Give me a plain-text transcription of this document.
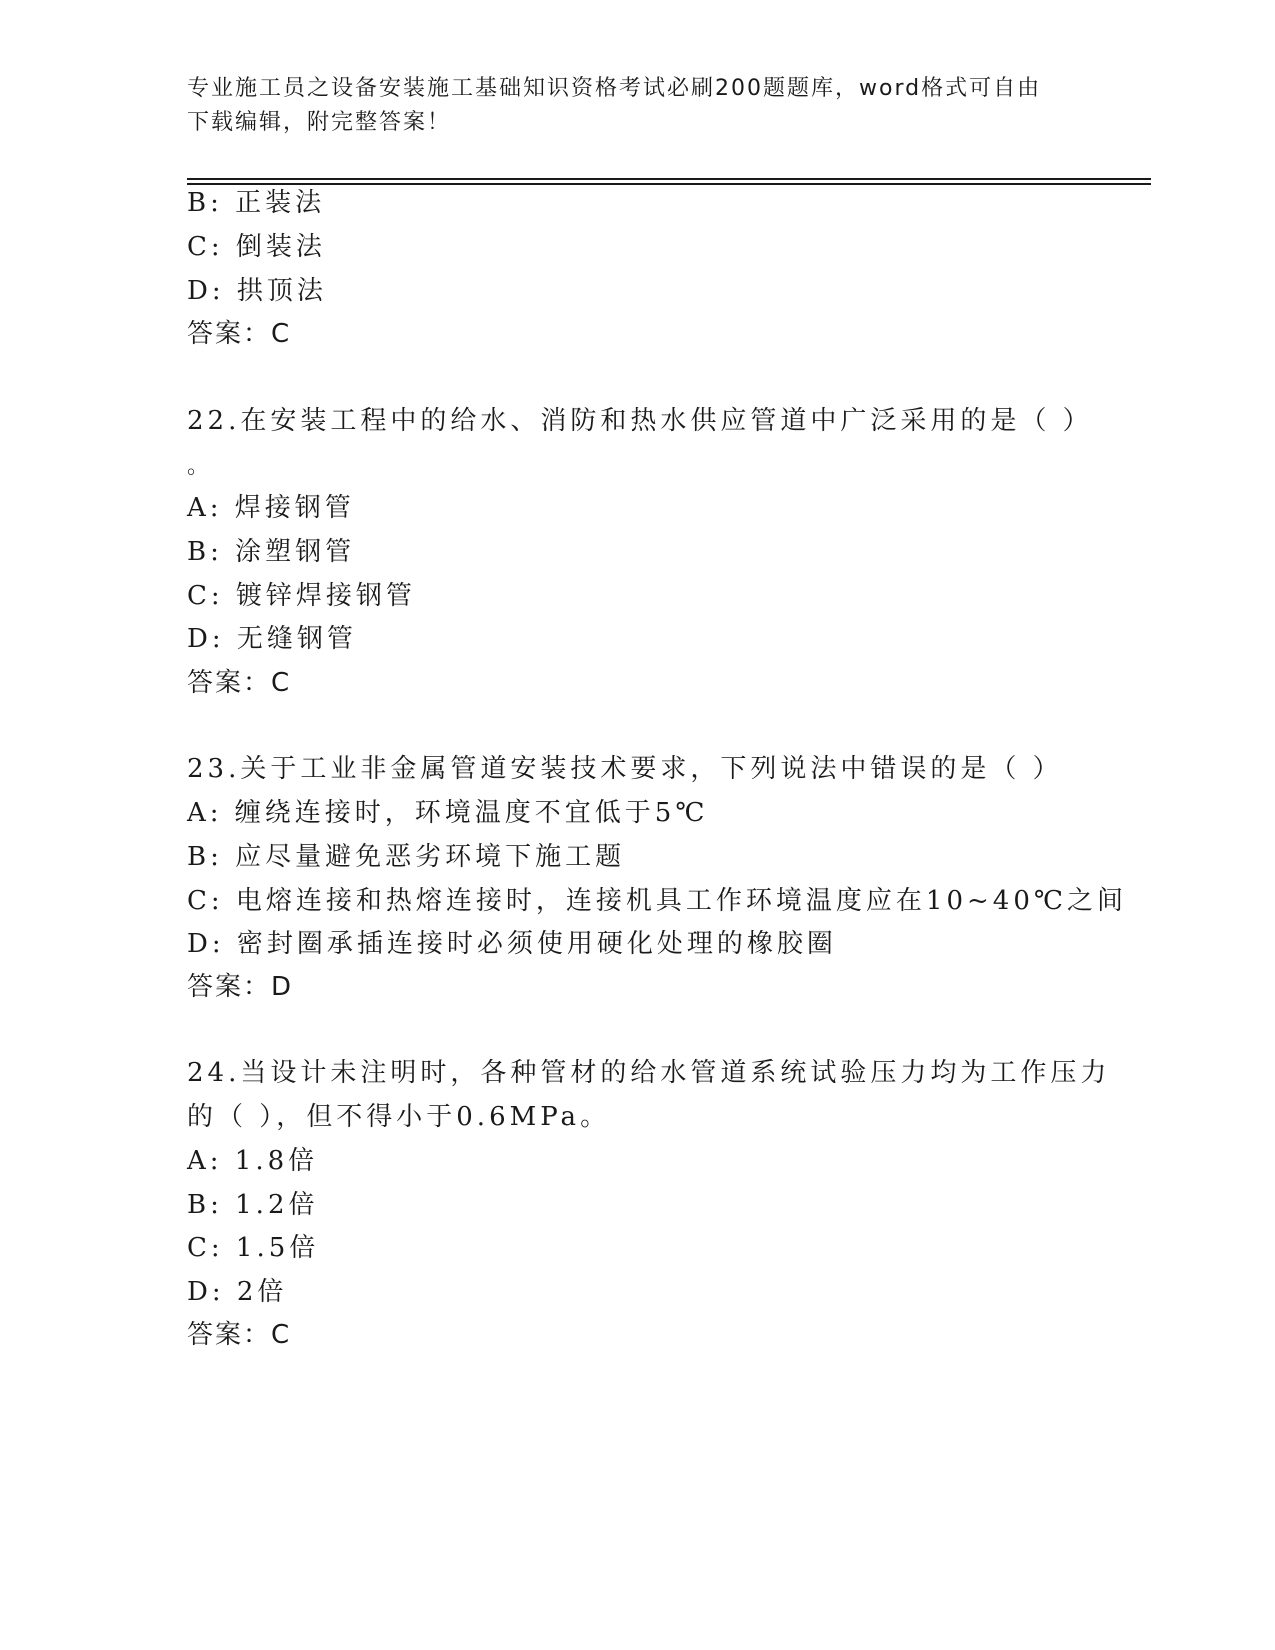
专业施工员之设备安装施工基础知识资格考试必刷200题题库，word格式可自由
下载编辑，附完整答案！
B: 正装法
C: 倒装法
D: 拱顶法
答案：C
22.在安装工程中的给水、消防和热水供应管道中广泛采用的是（ ）
。
A: 焊接钢管
B: 涂塑钢管
C: 镀锌焊接钢管
D: 无缝钢管
答案：C
23.关于工业非金属管道安装技术要求，下列说法中错误的是（ ）
A: 缠绕连接时，环境温度不宜低于5℃
B: 应尽量避免恶劣环境下施工题
C: 电熔连接和热熔连接时，连接机具工作环境温度应在10~40℃之间
D: 密封圈承插连接时必须使用硬化处理的橡胶圈
答案：D
24.当设计未注明时，各种管材的给水管道系统试验压力均为工作压力
的（ ），但不得小于0.6MPa。
A: 1.8倍
B: 1.2倍
C: 1.5倍
D: 2倍
答案：C
